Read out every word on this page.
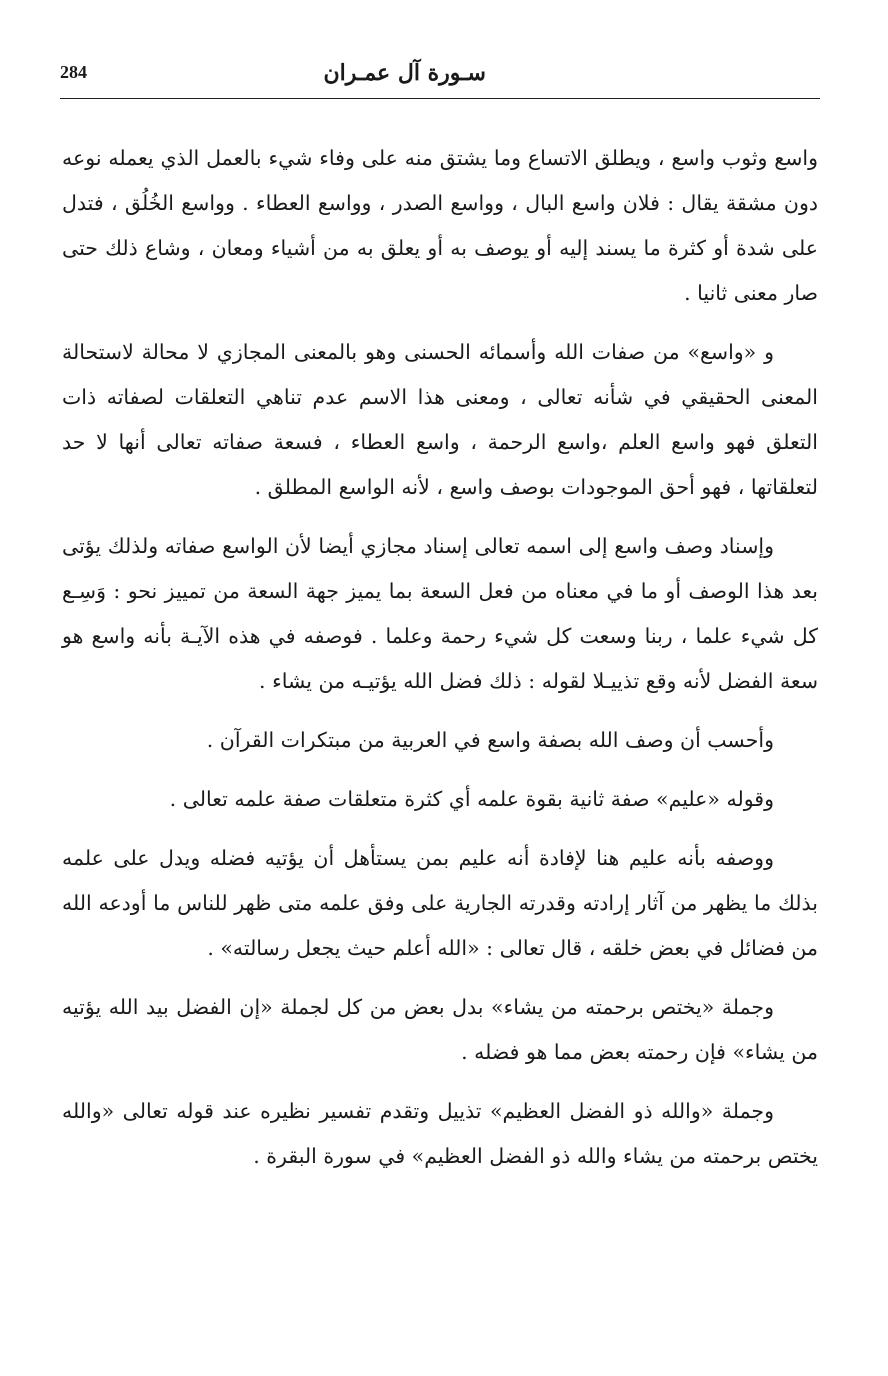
سـورة آل عمـران
284

واسع وثوب واسع ، ويطلق الاتساع وما يشتق منه على وفاء شيء بالعمل الذي يعمله نوعه دون مشقة يقال : فلان واسع البال ، وواسع الصدر ، وواسع العطاء . وواسع الخُلُق ، فتدل على شدة أو كثرة ما يسند إليه أو يوصف به أو يعلق به من أشياء ومعان ، وشاع ذلك حتى صار معنى ثانيا .

و «واسع» من صفات الله وأسمائه الحسنى وهو بالمعنى المجازي لا محالة لاستحالة المعنى الحقيقي في شأنه تعالى ، ومعنى هذا الاسم عدم تناهي التعلقات لصفاته ذات التعلق فهو واسع العلم ،واسع الرحمة ، واسع العطاء ، فسعة صفاته تعالى أنها لا حد لتعلقاتها ، فهو أحق الموجودات بوصف واسع ، لأنه الواسع المطلق .

وإسناد وصف واسع إلى اسمه تعالى إسناد مجازي أيضا لأن الواسع صفاته ولذلك يؤتى بعد هذا الوصف أو ما في معناه من فعل السعة بما يميز جهة السعة من تمييز نحو : وَسِـع كل شيء علما ، ربنا وسعت كل شيء رحمة وعلما . فوصفه في هذه الآيـة بأنه واسع هو سعة الفضل لأنه وقع تذييـلا لقوله : ذلك فضل الله يؤتيـه من يشاء .

وأحسب أن وصف الله بصفة واسع في العربية من مبتكرات القرآن .

وقوله «عليم» صفة ثانية بقوة علمه أي كثرة متعلقات صفة علمه تعالى .

ووصفه بأنه عليم هنا لإفادة أنه عليم بمن يستأهل أن يؤتيه فضله ويدل على علمه بذلك ما يظهر من آثار إرادته وقدرته الجارية على وفق علمه متى ظهر للناس ما أودعه الله من فضائل في بعض خلقه ، قال تعالى : «الله أعلم حيث يجعل رسالته» .

وجملة «يختص برحمته من يشاء» بدل بعض من كل لجملة «إن الفضل بيد الله يؤتيه من يشاء» فإن رحمته بعض مما هو فضله .

وجملة «والله ذو الفضل العظيم» تذييل وتقدم تفسير نظيره عند قوله تعالى «والله يختص برحمته من يشاء والله ذو الفضل العظيم» في سورة البقرة .
